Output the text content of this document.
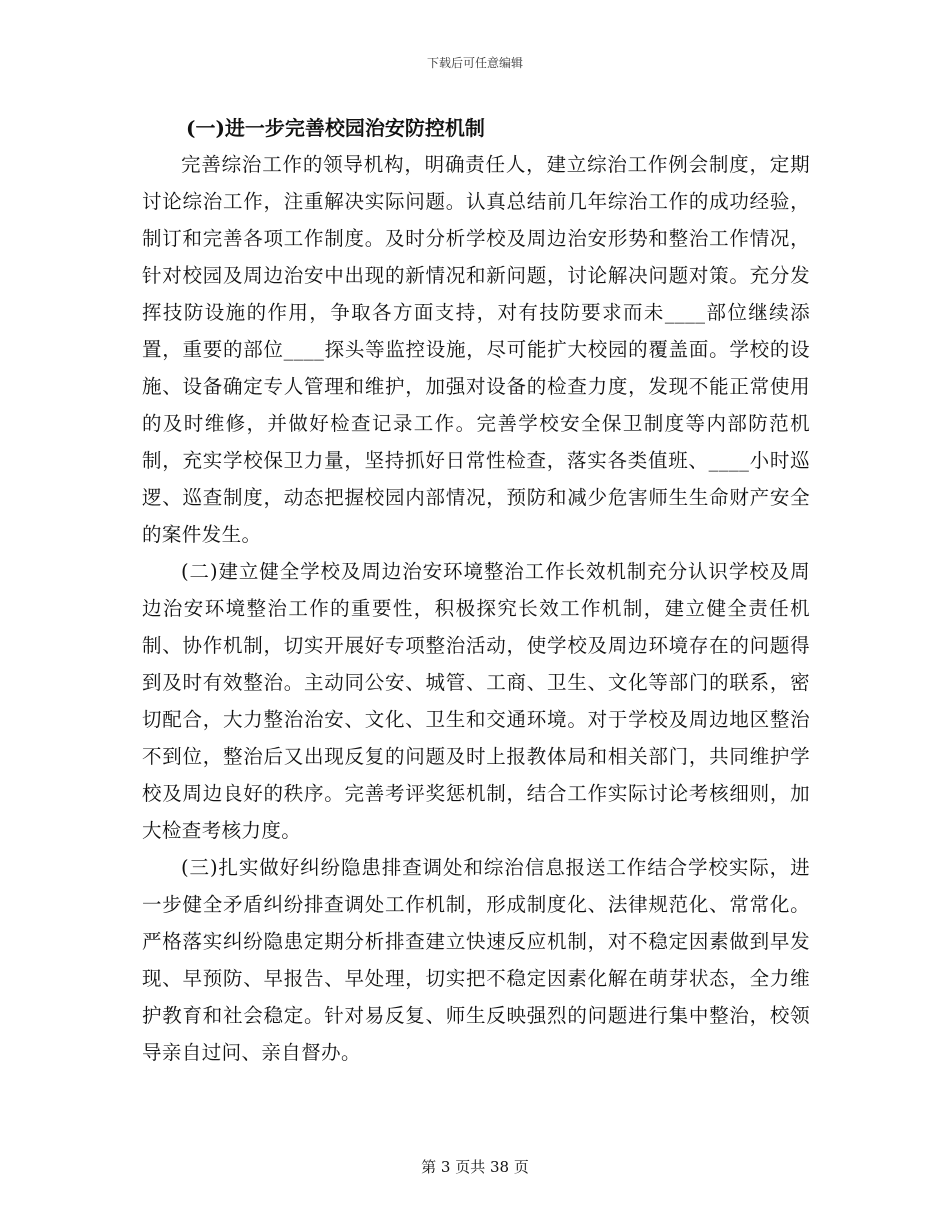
下载后可任意编辑
(一)进一步完善校园治安防控机制

完善综治工作的领导机构，明确责任人，建立综治工作例会制度，定期讨论综治工作，注重解决实际问题。认真总结前几年综治工作的成功经验，制订和完善各项工作制度。及时分析学校及周边治安形势和整治工作情况，针对校园及周边治安中出现的新情况和新问题，讨论解决问题对策。充分发挥技防设施的作用，争取各方面支持，对有技防要求而未____部位继续添置，重要的部位____探头等监控设施，尽可能扩大校园的覆盖面。学校的设施、设备确定专人管理和维护，加强对设备的检查力度，发现不能正常使用的及时维修，并做好检查记录工作。完善学校安全保卫制度等内部防范机制，充实学校保卫力量，坚持抓好日常性检查，落实各类值班、____小时巡逻、巡查制度，动态把握校园内部情况，预防和减少危害师生生命财产安全的案件发生。

(二)建立健全学校及周边治安环境整治工作长效机制充分认识学校及周边治安环境整治工作的重要性，积极探究长效工作机制，建立健全责任机制、协作机制，切实开展好专项整治活动，使学校及周边环境存在的问题得到及时有效整治。主动同公安、城管、工商、卫生、文化等部门的联系，密切配合，大力整治治安、文化、卫生和交通环境。对于学校及周边地区整治不到位，整治后又出现反复的问题及时上报教体局和相关部门，共同维护学校及周边良好的秩序。完善考评奖惩机制，结合工作实际讨论考核细则，加大检查考核力度。

(三)扎实做好纠纷隐患排查调处和综治信息报送工作结合学校实际，进一步健全矛盾纠纷排查调处工作机制，形成制度化、法律规范化、常常化。严格落实纠纷隐患定期分析排查建立快速反应机制，对不稳定因素做到早发现、早预防、早报告、早处理，切实把不稳定因素化解在萌芽状态，全力维护教育和社会稳定。针对易反复、师生反映强烈的问题进行集中整治，校领导亲自过问、亲自督办。

第 3 页共 38 页
